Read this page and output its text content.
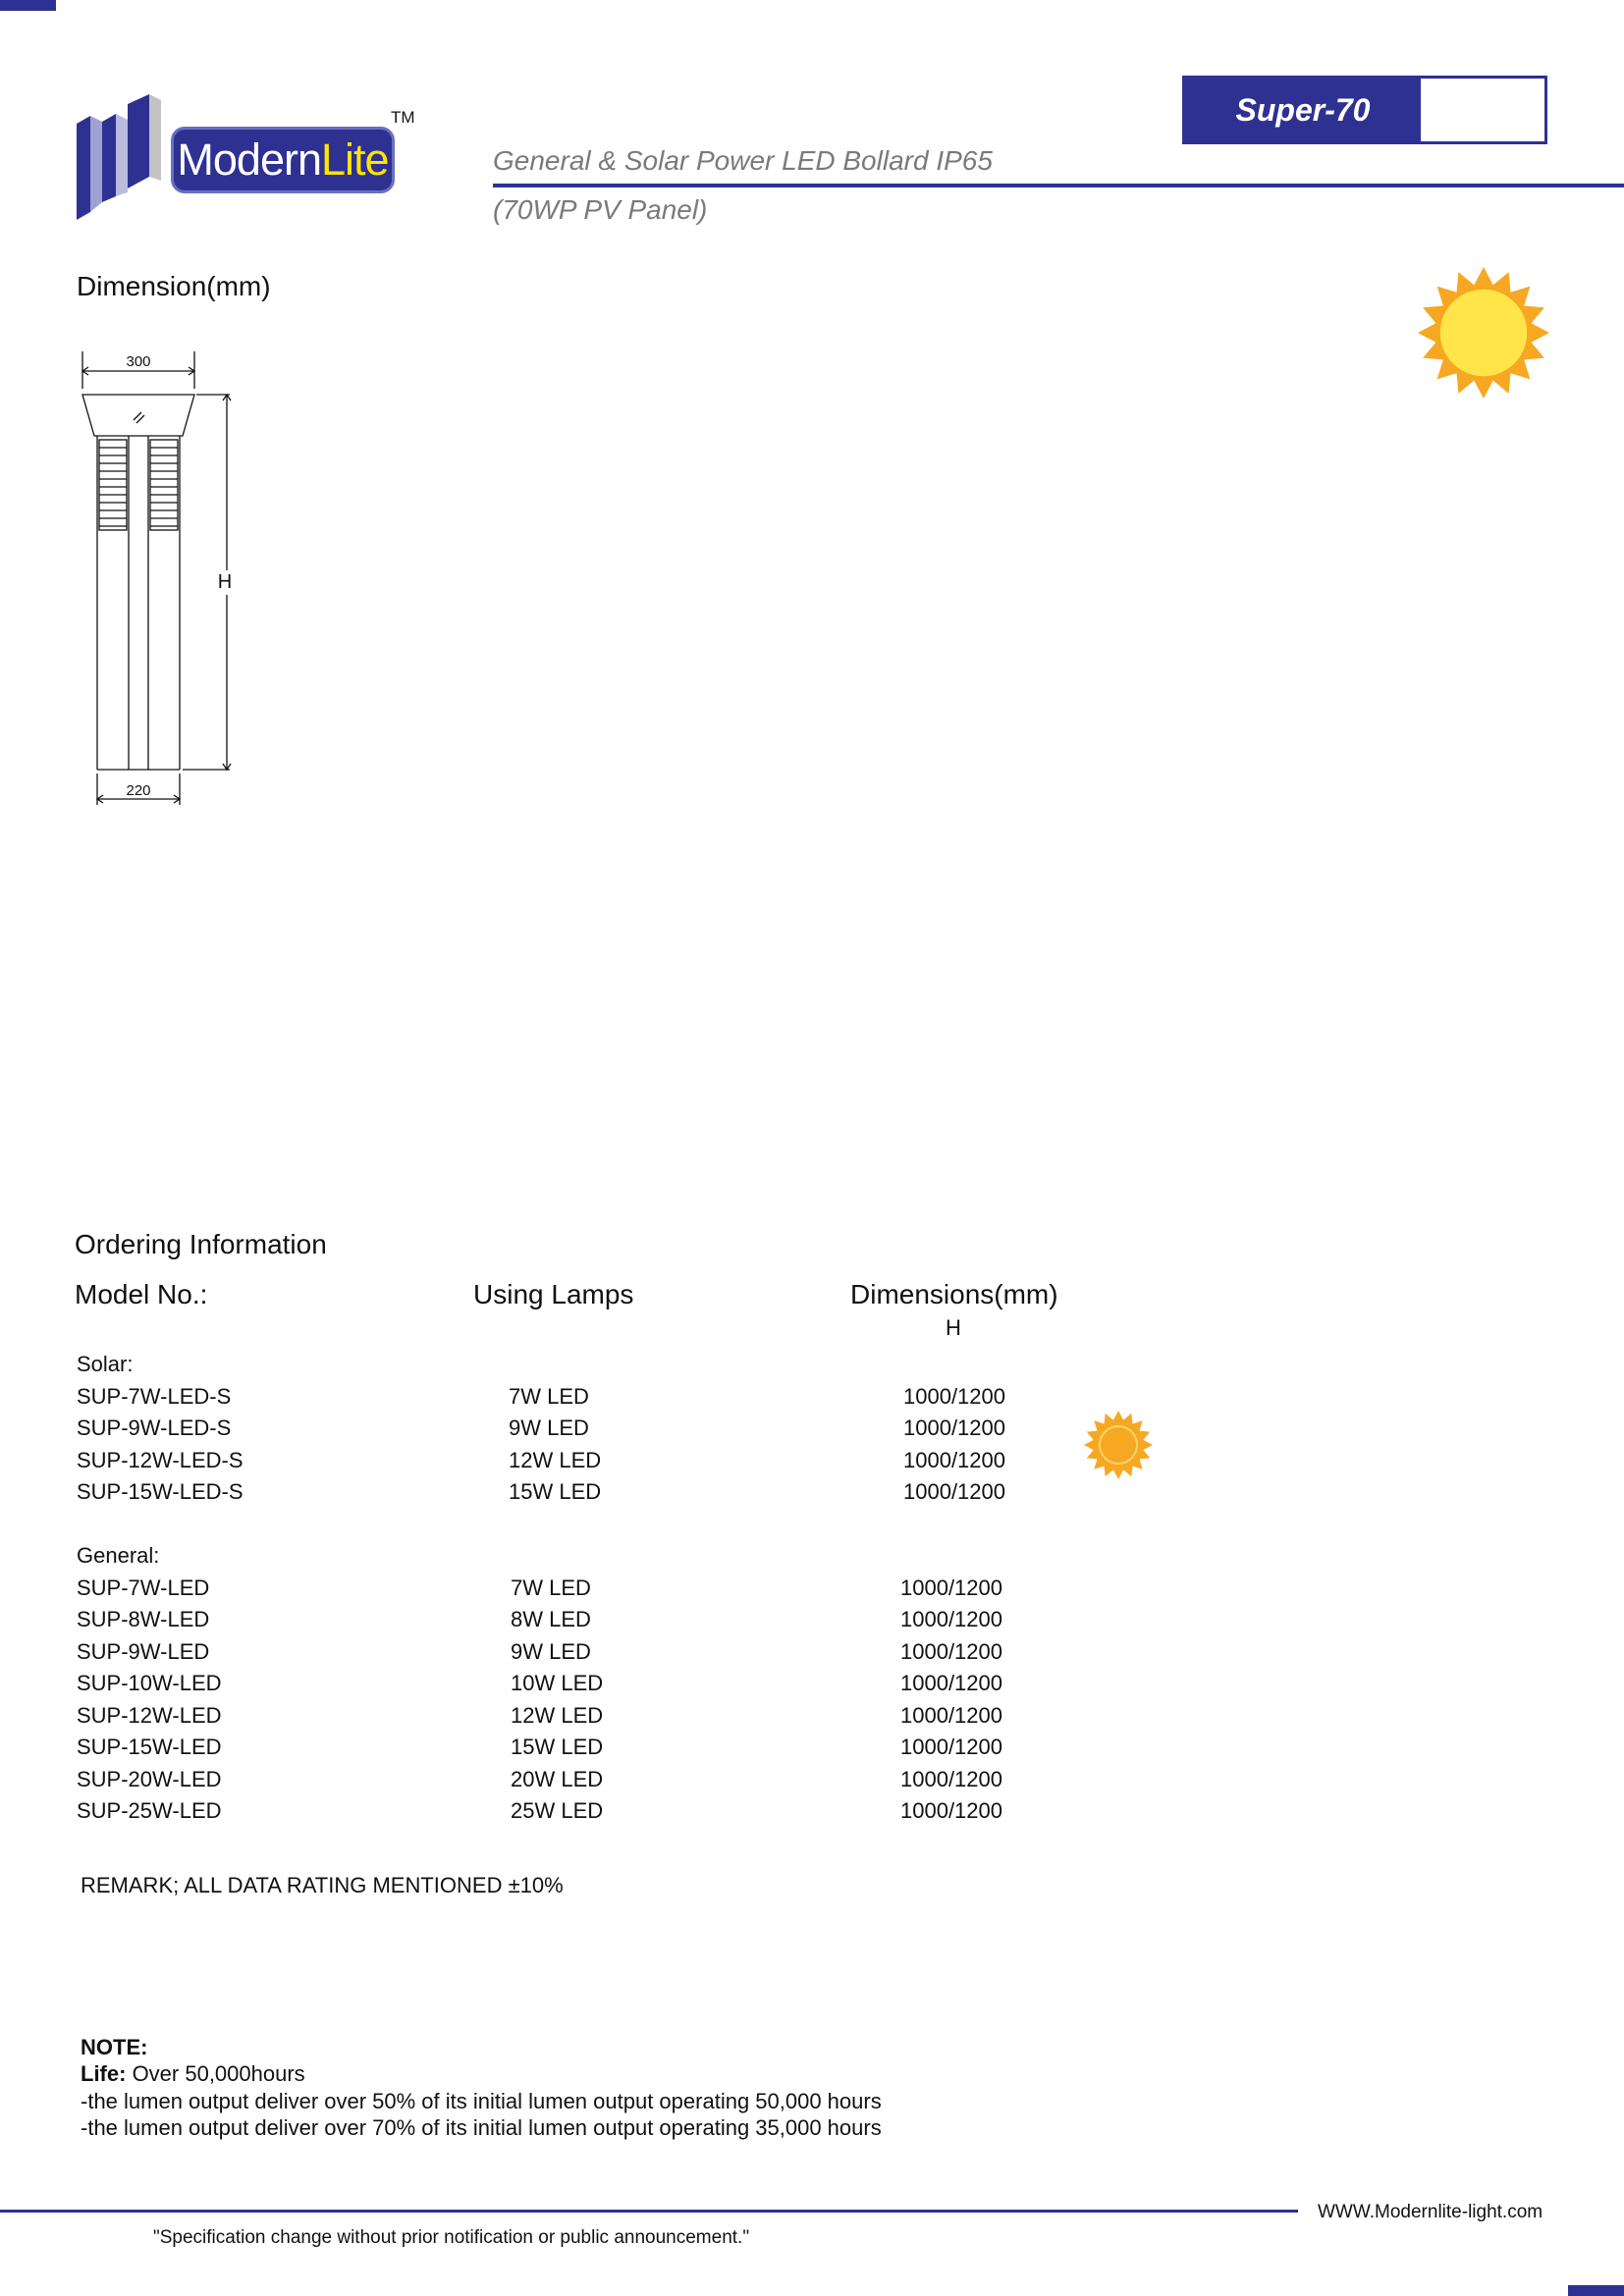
ModernLite
TM	Super-70
General & Solar Power LED Bollard IP65
(70WP PV Panel)
Dimension(mm)
300
H
220
Ordering Information
Model No.:	Using Lamps	Dimensions(mm)
H
Solar:
SUP-7W-LED-S	7W LED	1000/1200
SUP-9W-LED-S	9W LED	1000/1200
SUP-12W-LED-S	12W LED	1000/1200
SUP-15W-LED-S	15W LED	1000/1200
General:
SUP-7W-LED	7W LED	1000/1200
SUP-8W-LED	8W LED	1000/1200
SUP-9W-LED	9W LED	1000/1200
SUP-10W-LED	10W LED	1000/1200
SUP-12W-LED	12W LED	1000/1200
SUP-15W-LED	15W LED	1000/1200
SUP-20W-LED	20W LED	1000/1200
SUP-25W-LED	25W LED	1000/1200
REMARK; ALL DATA RATING MENTIONED ±10%
NOTE:
Life: Over 50,000hours
-the lumen output deliver over 50% of its initial lumen output operating 50,000 hours
-the lumen output deliver over 70% of its initial lumen output operating 35,000 hours
WWW.Modernlite-light.com
"Specification change without prior notification or public announcement."
